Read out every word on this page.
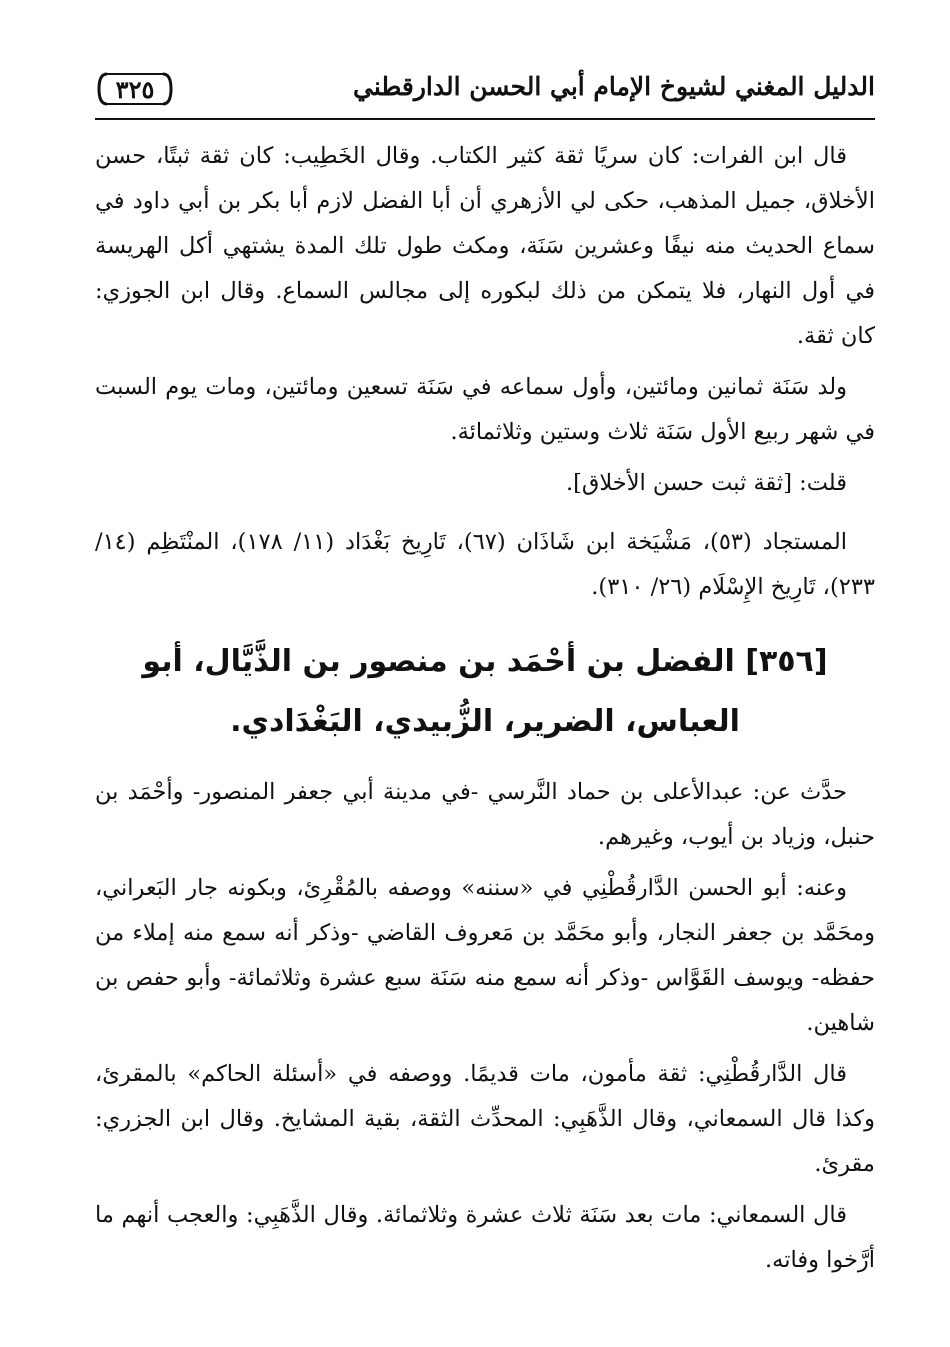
الدليل المغني لشيوخ الإمام أبي الحسن الدارقطني
٣٢٥

قال ابن الفرات: كان سريًا ثقة كثير الكتاب. وقال الخَطِيب: كان ثقة ثبتًا، حسن الأخلاق، جميل المذهب، حكى لي الأزهري أن أبا الفضل لازم أبا بكر بن أبي داود في سماع الحديث منه نيفًا وعشرين سَنَة، ومكث طول تلك المدة يشتهي أكل الهريسة في أول النهار، فلا يتمكن من ذلك لبكوره إلى مجالس السماع. وقال ابن الجوزي: كان ثقة.

ولد سَنَة ثمانين ومائتين، وأول سماعه في سَنَة تسعين ومائتين، ومات يوم السبت في شهر ربيع الأول سَنَة ثلاث وستين وثلاثمائة.

قلت: [ثقة ثبت حسن الأخلاق].

المستجاد (٥٣)، مَشْيَخة ابن شَاذَان (٦٧)، تَارِيخ بَغْدَاد (١١/ ١٧٨)، المنْتَظِم (١٤/ ٢٣٣)، تَارِيخ الإِسْلَام (٢٦/ ٣١٠).

[٣٥٦] الفضل بن أحْمَد بن منصور بن الذَّيَّال، أبو العباس، الضرير، الزُّبيدي، البَغْدَادي.

حدَّث عن: عبدالأعلى بن حماد النَّرسي -في مدينة أبي جعفر المنصور- وأحْمَد بن حنبل، وزياد بن أيوب، وغيرهم.

وعنه: أبو الحسن الدَّارقُطْنِي في «سننه» ووصفه بالمُقْرِئ، وبكونه جار البَعراني، ومحَمَّد بن جعفر النجار، وأبو محَمَّد بن مَعروف القاضي -وذكر أنه سمع منه إملاء من حفظه- ويوسف القَوَّاس -وذكر أنه سمع منه سَنَة سبع عشرة وثلاثمائة- وأبو حفص بن شاهين.

قال الدَّارقُطْنِي: ثقة مأمون، مات قديمًا. ووصفه في «أسئلة الحاكم» بالمقرئ، وكذا قال السمعاني، وقال الذَّهَبِي: المحدِّث الثقة، بقية المشايخ. وقال ابن الجزري: مقرئ.

قال السمعاني: مات بعد سَنَة ثلاث عشرة وثلاثمائة. وقال الذَّهَبِي: والعجب أنهم ما أرَّخوا وفاته.
